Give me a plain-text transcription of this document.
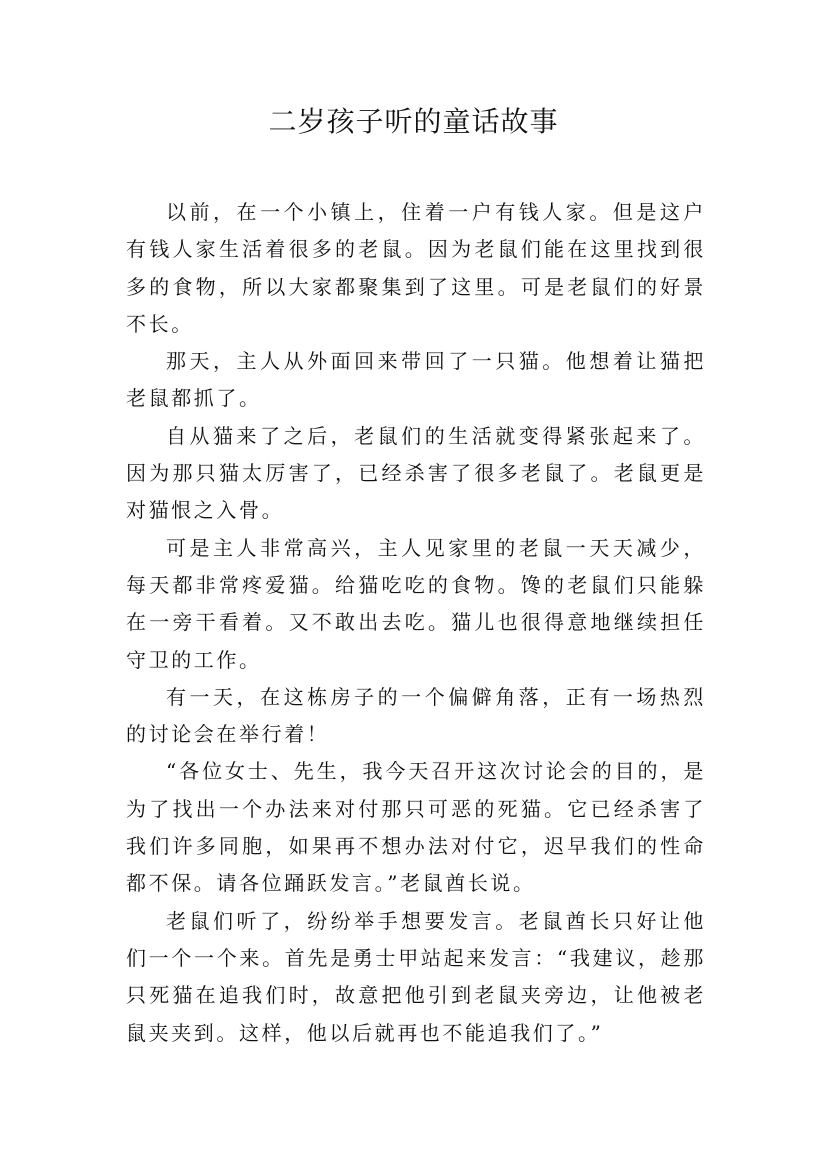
二岁孩子听的童话故事

以前，在一个小镇上，住着一户有钱人家。但是这户有钱人家生活着很多的老鼠。因为老鼠们能在这里找到很多的食物，所以大家都聚集到了这里。可是老鼠们的好景不长。

那天，主人从外面回来带回了一只猫。他想着让猫把老鼠都抓了。

自从猫来了之后，老鼠们的生活就变得紧张起来了。因为那只猫太厉害了，已经杀害了很多老鼠了。老鼠更是对猫恨之入骨。

可是主人非常高兴，主人见家里的老鼠一天天减少，每天都非常疼爱猫。给猫吃吃的食物。馋的老鼠们只能躲在一旁干看着。又不敢出去吃。猫儿也很得意地继续担任守卫的工作。

有一天，在这栋房子的一个偏僻角落，正有一场热烈的讨论会在举行着！

“各位女士、先生，我今天召开这次讨论会的目的，是为了找出一个办法来对付那只可恶的死猫。它已经杀害了我们许多同胞，如果再不想办法对付它，迟早我们的性命都不保。请各位踊跃发言。”老鼠酋长说。

老鼠们听了，纷纷举手想要发言。老鼠酋长只好让他们一个一个来。首先是勇士甲站起来发言：“我建议，趁那只死猫在追我们时，故意把他引到老鼠夹旁边，让他被老鼠夹夹到。这样，他以后就再也不能追我们了。”
